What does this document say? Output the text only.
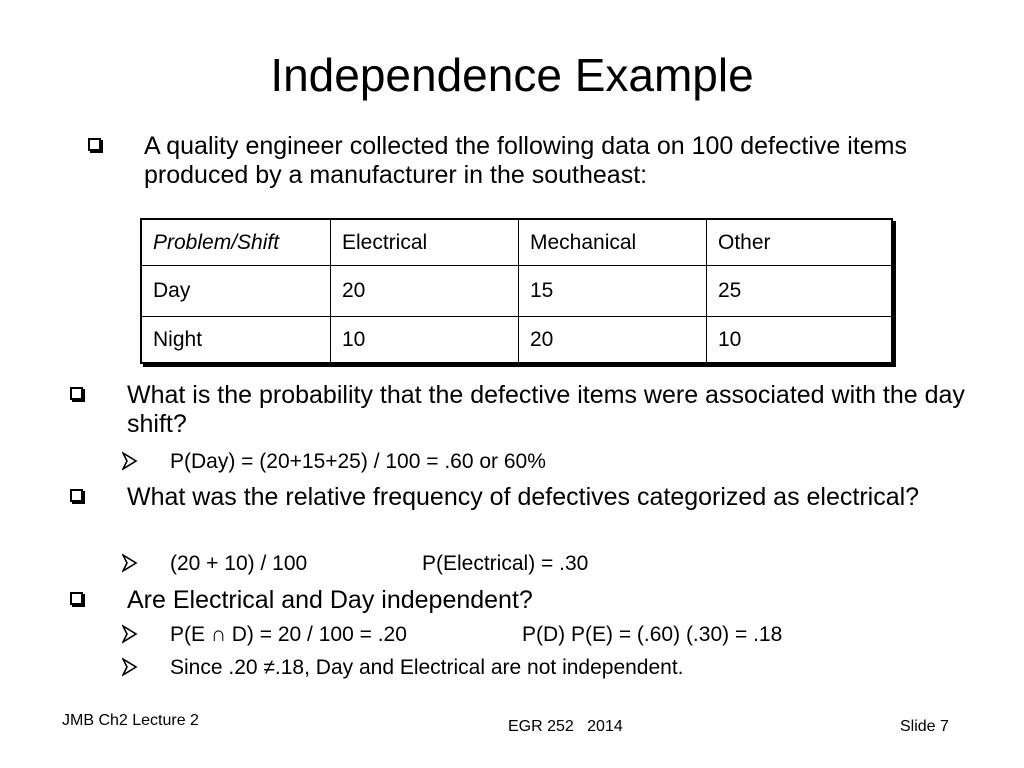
Independence Example
A quality engineer collected the following data on 100 defective items produced by a manufacturer in the southeast:
Problem/Shift	Electrical	Mechanical	Other
Day	20	15	25
Night	10	20	10
What is the probability that the defective items were associated with the day shift?
P(Day) = (20+15+25) / 100 = .60 or 60%
What was the relative frequency of defectives categorized as electrical?
(20 + 10) / 100	P(Electrical) = .30
Are Electrical and Day independent?
P(E ∩ D) = 20 / 100 = .20	P(D) P(E) = (.60) (.30) = .18
Since .20 ≠.18, Day and Electrical are not independent.
JMB Ch2 Lecture 2	EGR 252   2014	Slide 7
